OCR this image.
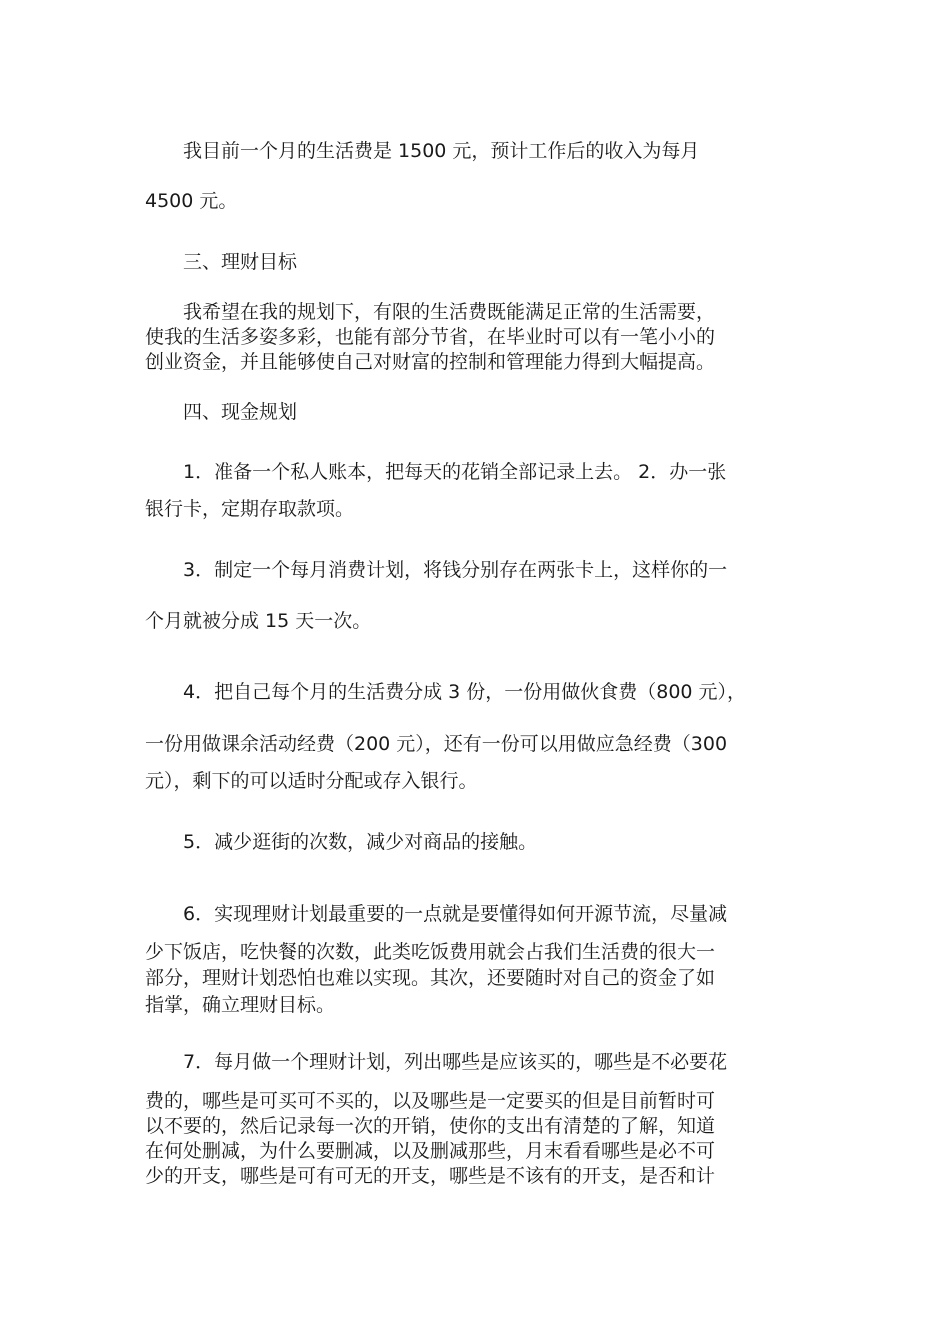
我目前一个月的生活费是 1500 元，预计工作后的收入为每月

4500 元。

三、理财目标

我希望在我的规划下，有限的生活费既能满足正常的生活需要，

使我的生活多姿多彩，也能有部分节省，在毕业时可以有一笔小小的

创业资金，并且能够使自己对财富的控制和管理能力得到大幅提高。

四、现金规划

1．准备一个私人账本，把每天的花销全部记录上去。 2．办一张

银行卡，定期存取款项。

3．制定一个每月消费计划，将钱分别存在两张卡上，这样你的一

个月就被分成 15 天一次。

4．把自己每个月的生活费分成 3 份，一份用做伙食费（800 元），

一份用做课余活动经费（200 元），还有一份可以用做应急经费（300

元），剩下的可以适时分配或存入银行。

5．减少逛街的次数，减少对商品的接触。

6．实现理财计划最重要的一点就是要懂得如何开源节流，尽量减

少下饭店，吃快餐的次数，此类吃饭费用就会占我们生活费的很大一

部分，理财计划恐怕也难以实现。其次，还要随时对自己的资金了如

指掌，确立理财目标。

7．每月做一个理财计划，列出哪些是应该买的，哪些是不必要花

费的，哪些是可买可不买的，以及哪些是一定要买的但是目前暂时可

以不要的，然后记录每一次的开销，使你的支出有清楚的了解，知道

在何处删减，为什么要删减，以及删减那些，月末看看哪些是必不可

少的开支，哪些是可有可无的开支，哪些是不该有的开支，是否和计
